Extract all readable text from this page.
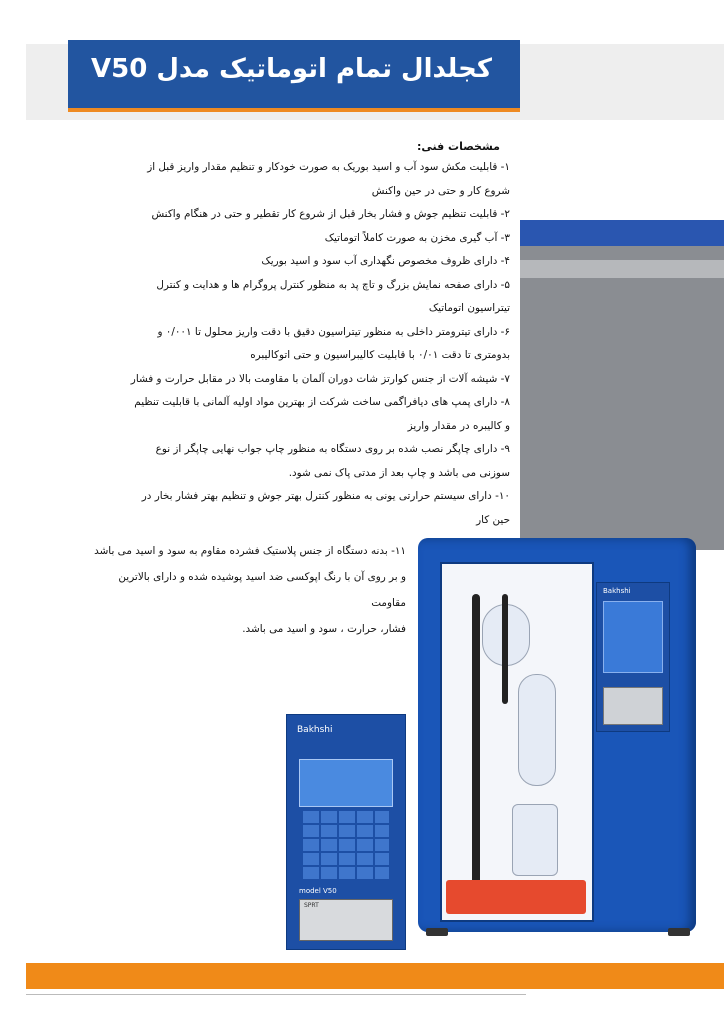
کجلدال تمام اتوماتیک مدل V50
مشخصات فنی:
۱- قابلیت مکش سود آب و اسید بوریک به صورت خودکار و تنظیم مقدار واریز قبل از
شروع کار و حتی در حین واکنش
۲- قابلیت تنظیم جوش و فشار بخار قبل از شروع کار تقطیر و حتی در هنگام واکنش
۳- آب گیری مخزن به صورت کاملاً اتوماتیک
۴- دارای ظروف مخصوص نگهداری آب سود و اسید بوریک
۵- دارای صفحه نمایش بزرگ و تاچ پد به منظور کنترل پروگرام ها و هدایت و کنترل
تیتراسیون اتوماتیک
۶- دارای تیترومتر داخلی به منظور تیتراسیون دقیق با دقت واریز محلول تا ۰/۰۰۱ و
بدومتری تا دقت ۰/۰۱ با قابلیت کالیبراسیون و حتی اتوکالیبره
۷- شیشه آلات از جنس کوارتز شات دوران آلمان با مقاومت بالا در مقابل حرارت و فشار
۸- دارای پمپ های دیافراگمی ساخت شرکت از بهترین مواد اولیه آلمانی با قابلیت تنظیم
و کالیبره در مقدار واریز
۹- دارای چاپگر نصب شده بر روی دستگاه به منظور چاپ جواب نهایی چاپگر از نوع
سوزنی می باشد و چاپ بعد از مدتی پاک نمی شود.
۱۰- دارای سیستم حرارتی یونی به منظور کنترل بهتر جوش و تنظیم بهتر فشار بخار در
حین کار
۱۱- بدنه دستگاه از جنس پلاستیک فشرده مقاوم به سود و اسید می باشد
و بر روی آن با رنگ اپوکسی ضد اسید پوشیده شده و دارای بالاترین مقاومت
فشار، حرارت ، سود و اسید می باشد.
Bakhshi
Bakhshi
model V50
SPRT
